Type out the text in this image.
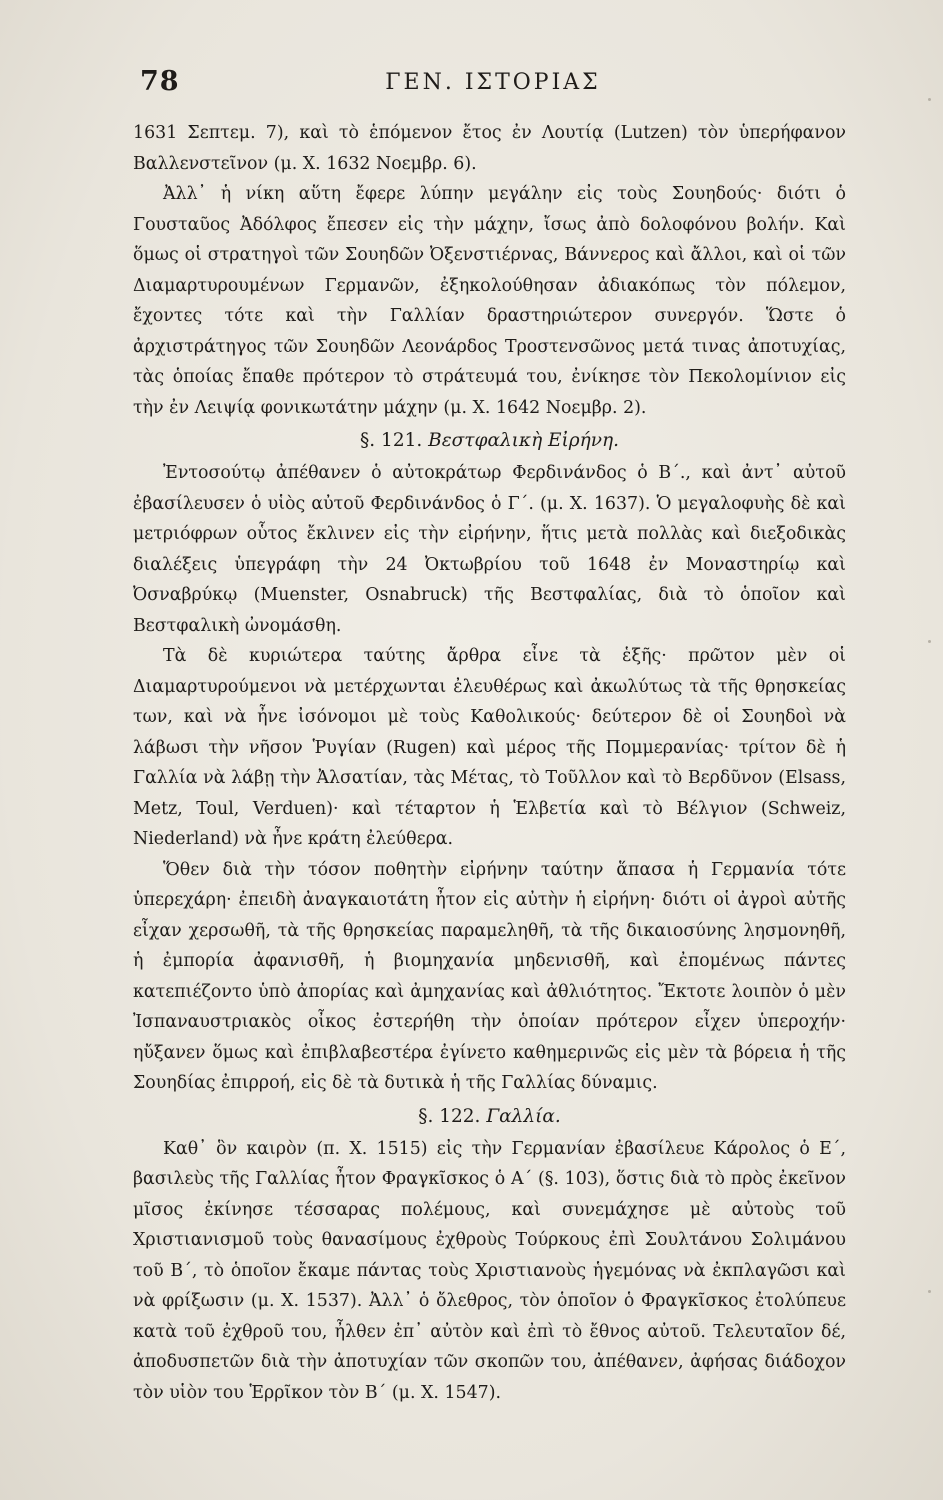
78	ΓΕΝ. ΙΣΤΟΡΙΑΣ

1631 Σεπτεμ. 7), καὶ τὸ ἑπόμενον ἔτος ἐν Λουτίᾳ (Lutzen) τὸν ὑπερήφανον Βαλλενστεῖνον (μ. Χ. 1632 Νοεμβρ. 6).

Ἀλλ᾽ ἡ νίκη αὕτη ἔφερε λύπην μεγάλην εἰς τοὺς Σουηδούς· διότι ὁ Γουσταῦος Ἀδόλφος ἔπεσεν εἰς τὴν μάχην, ἴσως ἀπὸ δολοφόνου βολήν. Καὶ ὅμως οἱ στρατηγοὶ τῶν Σουηδῶν Ὀξενστιέρνας, Βάννερος καὶ ἄλλοι, καὶ οἱ τῶν Διαμαρτυρουμένων Γερμανῶν, ἐξηκολούθησαν ἀδιακόπως τὸν πόλεμον, ἔχοντες τότε καὶ τὴν Γαλλίαν δραστηριώτερον συνεργόν. Ὥστε ὁ ἀρχιστράτηγος τῶν Σουηδῶν Λεονάρδος Τροστενσῶνος μετά τινας ἀποτυχίας, τὰς ὁποίας ἔπαθε πρότερον τὸ στράτευμά του, ἐνίκησε τὸν Πεκολομίνιον εἰς τὴν ἐν Λειψίᾳ φονικωτάτην μάχην (μ. Χ. 1642 Νοεμβρ. 2).

§. 121. Βεστφαλικὴ Εἰρήνη.

Ἐντοσούτῳ ἀπέθανεν ὁ αὐτοκράτωρ Φερδινάνδος ὁ Β΄., καὶ ἀντ᾽ αὐτοῦ ἐβασίλευσεν ὁ υἱὸς αὐτοῦ Φερδινάνδος ὁ Γ΄. (μ. Χ. 1637). Ὁ μεγαλοφυὴς δὲ καὶ μετριόφρων οὗτος ἔκλινεν εἰς τὴν εἰρήνην, ἥτις μετὰ πολλὰς καὶ διεξοδικὰς διαλέξεις ὑπεγράφη τὴν 24 Ὀκτωβρίου τοῦ 1648 ἐν Μοναστηρίῳ καὶ Ὀσναβρύκῳ (Muenster, Osnabruck) τῆς Βεστφαλίας, διὰ τὸ ὁποῖον καὶ Βεστφαλικὴ ὠνομάσθη.

Τὰ δὲ κυριώτερα ταύτης ἄρθρα εἶνε τὰ ἑξῆς· πρῶτον μὲν οἱ Διαμαρτυρούμενοι νὰ μετέρχωνται ἐλευθέρως καὶ ἀκωλύτως τὰ τῆς θρησκείας των, καὶ νὰ ἦνε ἰσόνομοι μὲ τοὺς Καθολικούς· δεύτερον δὲ οἱ Σουηδοὶ νὰ λάβωσι τὴν νῆσον Ῥυγίαν (Rugen) καὶ μέρος τῆς Πομμερανίας· τρίτον δὲ ἡ Γαλλία νὰ λάβῃ τὴν Ἀλσατίαν, τὰς Μέτας, τὸ Τοῦλλον καὶ τὸ Βερδῦνον (Elsass, Metz, Toul, Verduen)· καὶ τέταρτον ἡ Ἑλβετία καὶ τὸ Βέλγιον (Schweiz, Niederland) νὰ ἦνε κράτη ἐλεύθερα.

Ὅθεν διὰ τὴν τόσον ποθητὴν εἰρήνην ταύτην ἅπασα ἡ Γερμανία τότε ὑπερεχάρη· ἐπειδὴ ἀναγκαιοτάτη ἦτον εἰς αὐτὴν ἡ εἰρήνη· διότι οἱ ἀγροὶ αὐτῆς εἶχαν χερσωθῆ, τὰ τῆς θρησκείας παραμεληθῆ, τὰ τῆς δικαιοσύνης λησμονηθῆ, ἡ ἐμπορία ἀφανισθῆ, ἡ βιομηχανία μηδενισθῆ, καὶ ἐπομένως πάντες κατεπιέζοντο ὑπὸ ἀπορίας καὶ ἀμηχανίας καὶ ἀθλιότητος. Ἔκτοτε λοιπὸν ὁ μὲν Ἰσπαναυστριακὸς οἶκος ἐστερήθη τὴν ὁποίαν πρότερον εἶχεν ὑπεροχήν· ηὔξανεν ὅμως καὶ ἐπιβλαβεστέρα ἐγίνετο καθημερινῶς εἰς μὲν τὰ βόρεια ἡ τῆς Σουηδίας ἐπιρροή, εἰς δὲ τὰ δυτικὰ ἡ τῆς Γαλλίας δύναμις.

§. 122. Γαλλία.

Καθ᾽ ὃν καιρὸν (π. Χ. 1515) εἰς τὴν Γερμανίαν ἐβασίλευε Κάρολος ὁ Ε΄, βασιλεὺς τῆς Γαλλίας ἦτον Φραγκῖσκος ὁ Α΄ (§. 103), ὅστις διὰ τὸ πρὸς ἐκεῖνον μῖσος ἐκίνησε τέσσαρας πολέμους, καὶ συνεμάχησε μὲ αὐτοὺς τοῦ Χριστιανισμοῦ τοὺς θανασίμους ἐχθροὺς Τούρκους ἐπὶ Σουλτάνου Σολιμάνου τοῦ Β΄, τὸ ὁποῖον ἔκαμε πάντας τοὺς Χριστιανοὺς ἡγεμόνας νὰ ἐκπλαγῶσι καὶ νὰ φρίξωσιν (μ. Χ. 1537). Ἀλλ᾽ ὁ ὄλεθρος, τὸν ὁποῖον ὁ Φραγκῖσκος ἐτολύπευε κατὰ τοῦ ἐχθροῦ του, ἦλθεν ἐπ᾽ αὐτὸν καὶ ἐπὶ τὸ ἔθνος αὐτοῦ. Τελευταῖον δέ, ἀποδυσπετῶν διὰ τὴν ἀποτυχίαν τῶν σκοπῶν του, ἀπέθανεν, ἀφήσας διάδοχον τὸν υἱὸν του Ἑρρῖκον τὸν Β΄ (μ. Χ. 1547).
